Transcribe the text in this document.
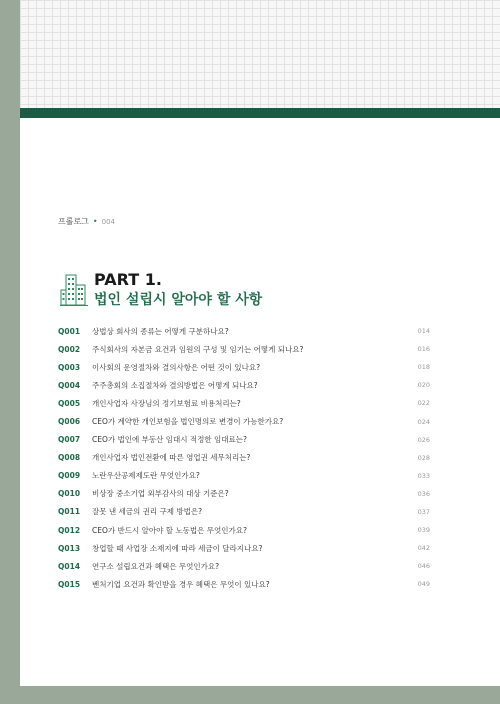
프롤로그 • 004
PART 1.
법인 설립시 알아야 할 사항
Q001	상법상 회사의 종류는 어떻게 구분하나요?	014
Q002	주식회사의 자본금 요건과 임원의 구성 및 임기는 어떻게 되나요?	016
Q003	이사회의 운영절차와 결의사항은 어떤 것이 있나요?	018
Q004	주주총회의 소집절차와 결의방법은 어떻게 되나요?	020
Q005	개인사업자 사장님의 정기보험료 비용처리는?	022
Q006	CEO가 계약한 개인보험을 법인명의로 변경이 가능한가요?	024
Q007	CEO가 법인에 부동산 임대시 적정한 임대료는?	026
Q008	개인사업자 법인전환에 따른 영업권 세무처리는?	028
Q009	노란우산공제제도란 무엇인가요?	033
Q010	비상장 중소기업 외부감사의 대상 기준은?	036
Q011	잘못 낸 세금의 권리 구제 방법은?	037
Q012	CEO가 반드시 알아야 할 노동법은 무엇인가요?	039
Q013	창업할 때 사업장 소재지에 따라 세금이 달라지나요?	042
Q014	연구소 설립요건과 혜택은 무엇인가요?	046
Q015	벤처기업 요건과 확인받을 경우 혜택은 무엇이 있나요?	049
